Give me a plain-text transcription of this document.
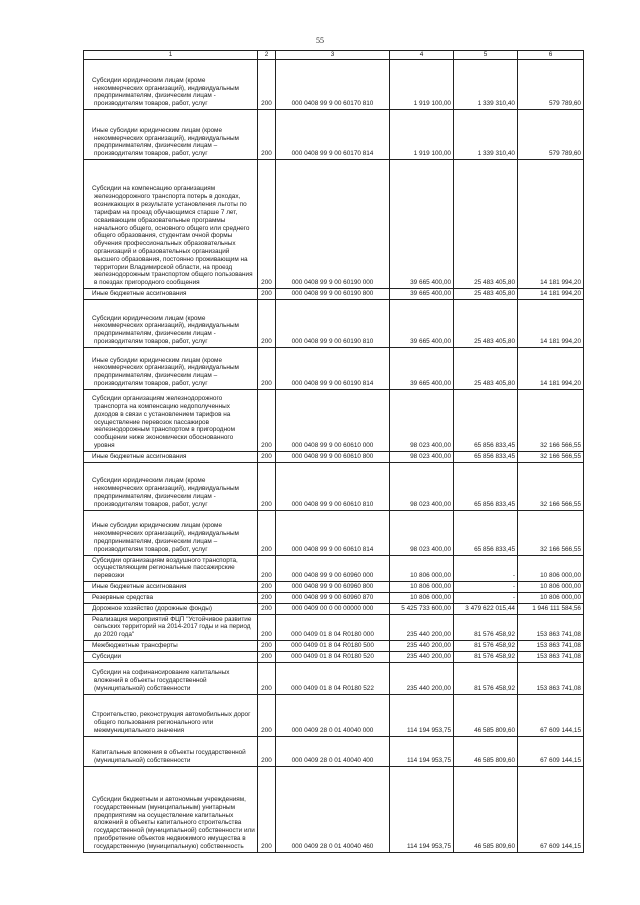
55
1	2	3	4	5	6

Субсидии юридическим лицам (кроме некоммерческих организаций), индивидуальным предпринимателям, физическим лицам - производителям товаров, работ, услуг	200	000 0408 99 9 00 60170 810	1 919 100,00	1 339 310,40	579 789,60

Иные субсидии юридическим лицам (кроме некоммерческих организаций), индивидуальным предпринимателям, физическим лицам – производителям товаров, работ, услуг	200	000 0408 99 9 00 60170 814	1 919 100,00	1 339 310,40	579 789,60

Субсидии на компенсацию организациям железнодорожного транспорта потерь в доходах, возникающих в результате установления льготы по тарифам на проезд обучающимся старше 7 лет, осваивающим образовательные программы начального общего, основного общего или среднего общего образования, студентам очной формы обучения профессиональных образовательных организаций и образовательных организаций высшего образования, постоянно проживающим на территории Владимирской области, на проезд железнодорожным транспортом общего пользования в поездах пригородного сообщения	200	000 0408 99 9 00 60190 000	39 665 400,00	25 483 405,80	14 181 994,20

Иные бюджетные ассигнования	200	000 0408 99 9 00 60190 800	39 665 400,00	25 483 405,80	14 181 994,20

Субсидии юридическим лицам (кроме некоммерческих организаций), индивидуальным предпринимателям, физическим лицам - производителям товаров, работ, услуг	200	000 0408 99 9 00 60190 810	39 665 400,00	25 483 405,80	14 181 994,20

Иные субсидии юридическим лицам (кроме некоммерческих организаций), индивидуальным предпринимателям, физическим лицам – производителям товаров, работ, услуг	200	000 0408 99 9 00 60190 814	39 665 400,00	25 483 405,80	14 181 994,20

Субсидии организациям железнодорожного транспорта на компенсацию недополученных доходов в связи с установлением тарифов на осуществление перевозок пассажиров железнодорожным транспортом в пригородном сообщении ниже экономически обоснованного уровня	200	000 0408 99 9 00 60610 000	98 023 400,00	65 856 833,45	32 166 566,55

Иные бюджетные ассигнования	200	000 0408 99 9 00 60610 800	98 023 400,00	65 856 833,45	32 166 566,55

Субсидии юридическим лицам (кроме некоммерческих организаций), индивидуальным предпринимателям, физическим лицам - производителям товаров, работ, услуг	200	000 0408 99 9 00 60610 810	98 023 400,00	65 856 833,45	32 166 566,55

Иные субсидии юридическим лицам (кроме некоммерческих организаций), индивидуальным предпринимателям, физическим лицам – производителям товаров, работ, услуг	200	000 0408 99 9 00 60610 814	98 023 400,00	65 856 833,45	32 166 566,55

Субсидии организациям воздушного транспорта, осуществляющим региональные пассажирские перевозки	200	000 0408 99 9 00 60960 000	10 806 000,00	-	10 806 000,00

Иные бюджетные ассигнования	200	000 0408 99 9 00 60960 800	10 806 000,00	-	10 806 000,00

Резервные средства	200	000 0408 99 9 00 60960 870	10 806 000,00	-	10 806 000,00

Дорожное хозяйство (дорожные фонды)	200	000 0409 00 0 00 00000 000	5 425 733 600,00	3 479 622 015,44	1 946 111 584,56

Реализация мероприятий ФЦП "Устойчивое развитие сельских территорий на 2014-2017 годы и на период до 2020 года"	200	000 0409 01 8 04 R0180 000	235 440 200,00	81 576 458,92	153 863 741,08

Межбюджетные трансферты	200	000 0409 01 8 04 R0180 500	235 440 200,00	81 576 458,92	153 863 741,08

Субсидии	200	000 0409 01 8 04 R0180 520	235 440 200,00	81 576 458,92	153 863 741,08

Субсидии на софинансирование капитальных вложений в объекты государственной (муниципальной) собственности	200	000 0409 01 8 04 R0180 522	235 440 200,00	81 576 458,92	153 863 741,08

Строительство, реконструкция автомобильных дорог общего пользования регионального или межмуниципального значения	200	000 0409 28 0 01 40040 000	114 194 953,75	46 585 809,60	67 609 144,15

Капитальные вложения в объекты государственной (муниципальной) собственности	200	000 0409 28 0 01 40040 400	114 194 953,75	46 585 809,60	67 609 144,15

Субсидии бюджетным и автономным учреждениям, государственным (муниципальным) унитарным предприятиям на осуществление капитальных вложений в объекты капитального строительства государственной (муниципальной) собственности или приобретение объектов недвижимого имущества в государственную (муниципальную) собственность	200	000 0409 28 0 01 40040 460	114 194 953,75	46 585 809,60	67 609 144,15
